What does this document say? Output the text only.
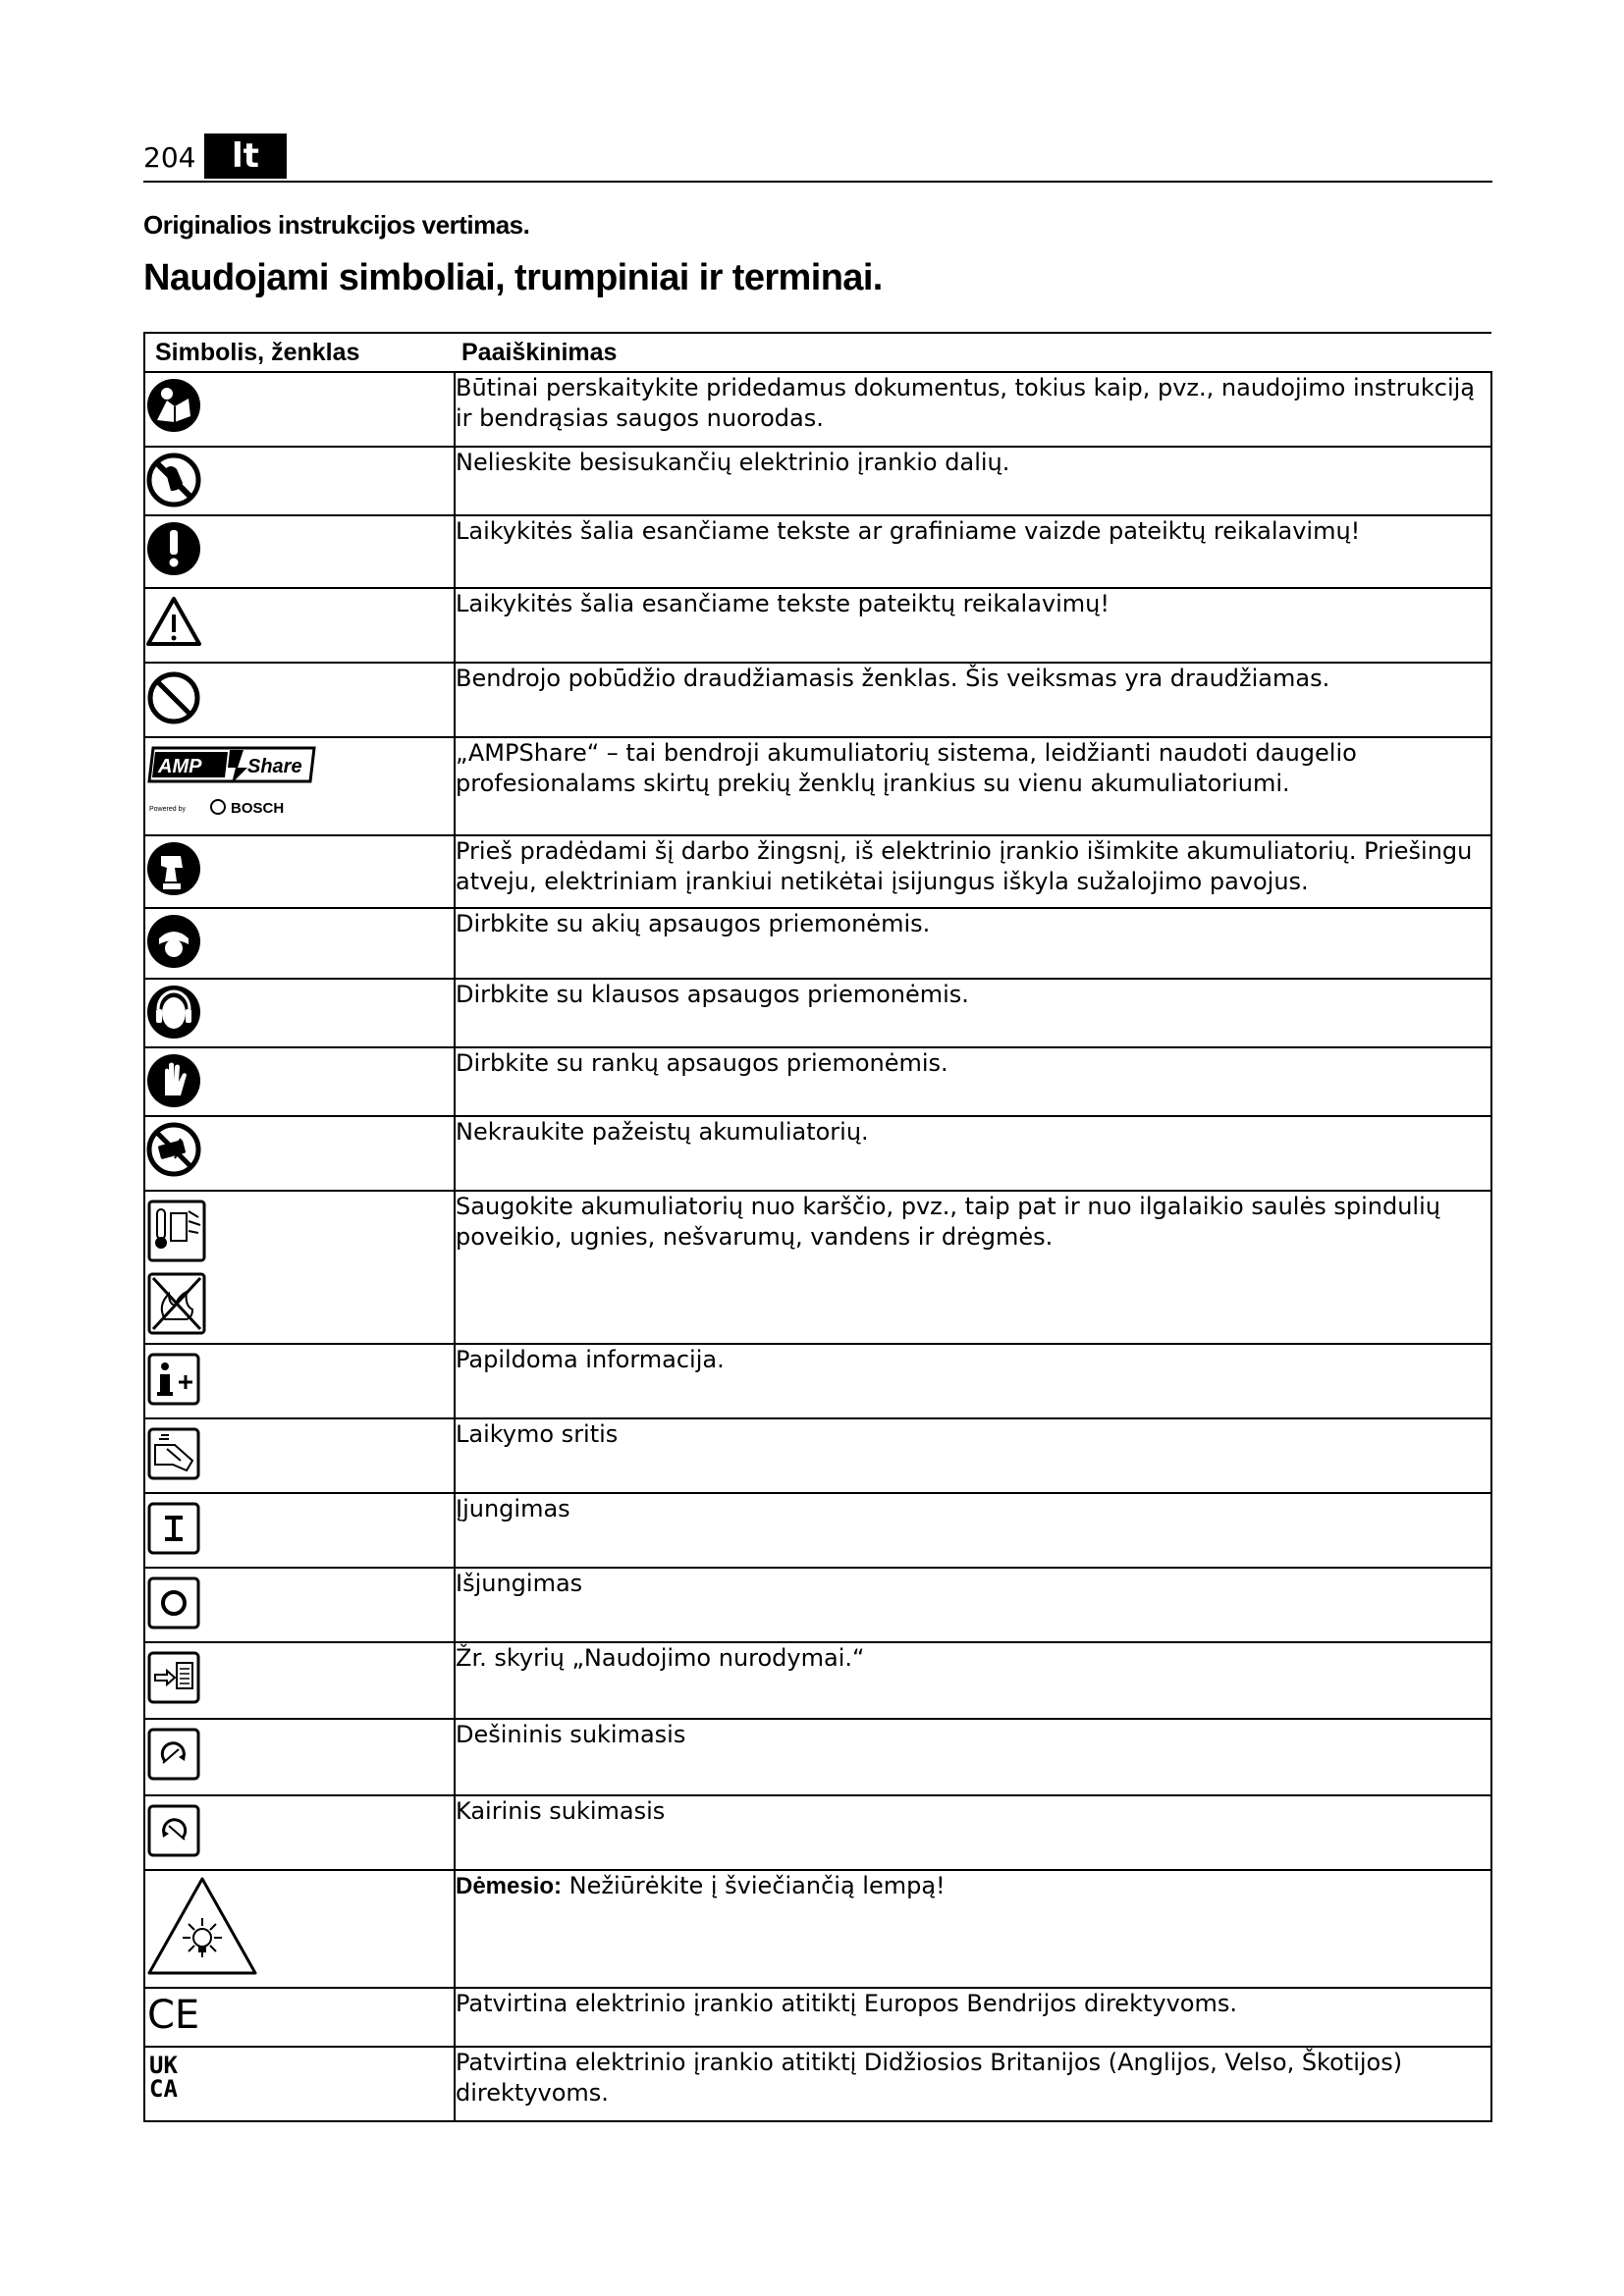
204	lt
Originalios instrukcijos vertimas.
Naudojami simboliai, trumpiniai ir terminai.
Simbolis, ženklas	Paaiškinimas

	Būtinai perskaitykite pridedamus dokumentus, tokius kaip, pvz., naudojimo instrukciją ir bendrąsias saugos nuorodas.

	Nelieskite besisukančių elektrinio įrankio dalių.

	Laikykitės šalia esančiame tekste ar grafiniame vaizde pateiktų reikalavimų!

	Laikykitės šalia esančiame tekste pateiktų reikalavimų!

	Bendrojo pobūdžio draudžiamasis ženklas. Šis veiksmas yra draudžiamas.

AMP Share
Powered by BOSCH	„AMPShare“ – tai bendroji akumuliatorių sistema, leidžianti naudoti daugelio profesionalams skirtų prekių ženklų įrankius su vienu akumuliatoriumi.

	Prieš pradėdami šį darbo žingsnį, iš elektrinio įrankio išimkite akumuliatorių. Priešingu atveju, elektriniam įrankiui netikėtai įsijungus iškyla sužalojimo pavojus.

	Dirbkite su akių apsaugos priemonėmis.

	Dirbkite su klausos apsaugos priemonėmis.

	Dirbkite su rankų apsaugos priemonėmis.

	Nekraukite pažeistų akumuliatorių.

	Saugokite akumuliatorių nuo karščio, pvz., taip pat ir nuo ilgalaikio saulės spindulių poveikio, ugnies, nešvarumų, vandens ir drėgmės.

	Papildoma informacija.

	Laikymo sritis

	Įjungimas

	Išjungimas

	Žr. skyrių „Naudojimo nurodymai.“

	Dešininis sukimasis

	Kairinis sukimasis

	Dėmesio: Nežiūrėkite į šviečiančią lempą!

CE	Patvirtina elektrinio įrankio atitiktį Europos Bendrijos direktyvoms.

UK
CA	Patvirtina elektrinio įrankio atitiktį Didžiosios Britanijos (Anglijos, Velso, Škotijos) direktyvoms.
